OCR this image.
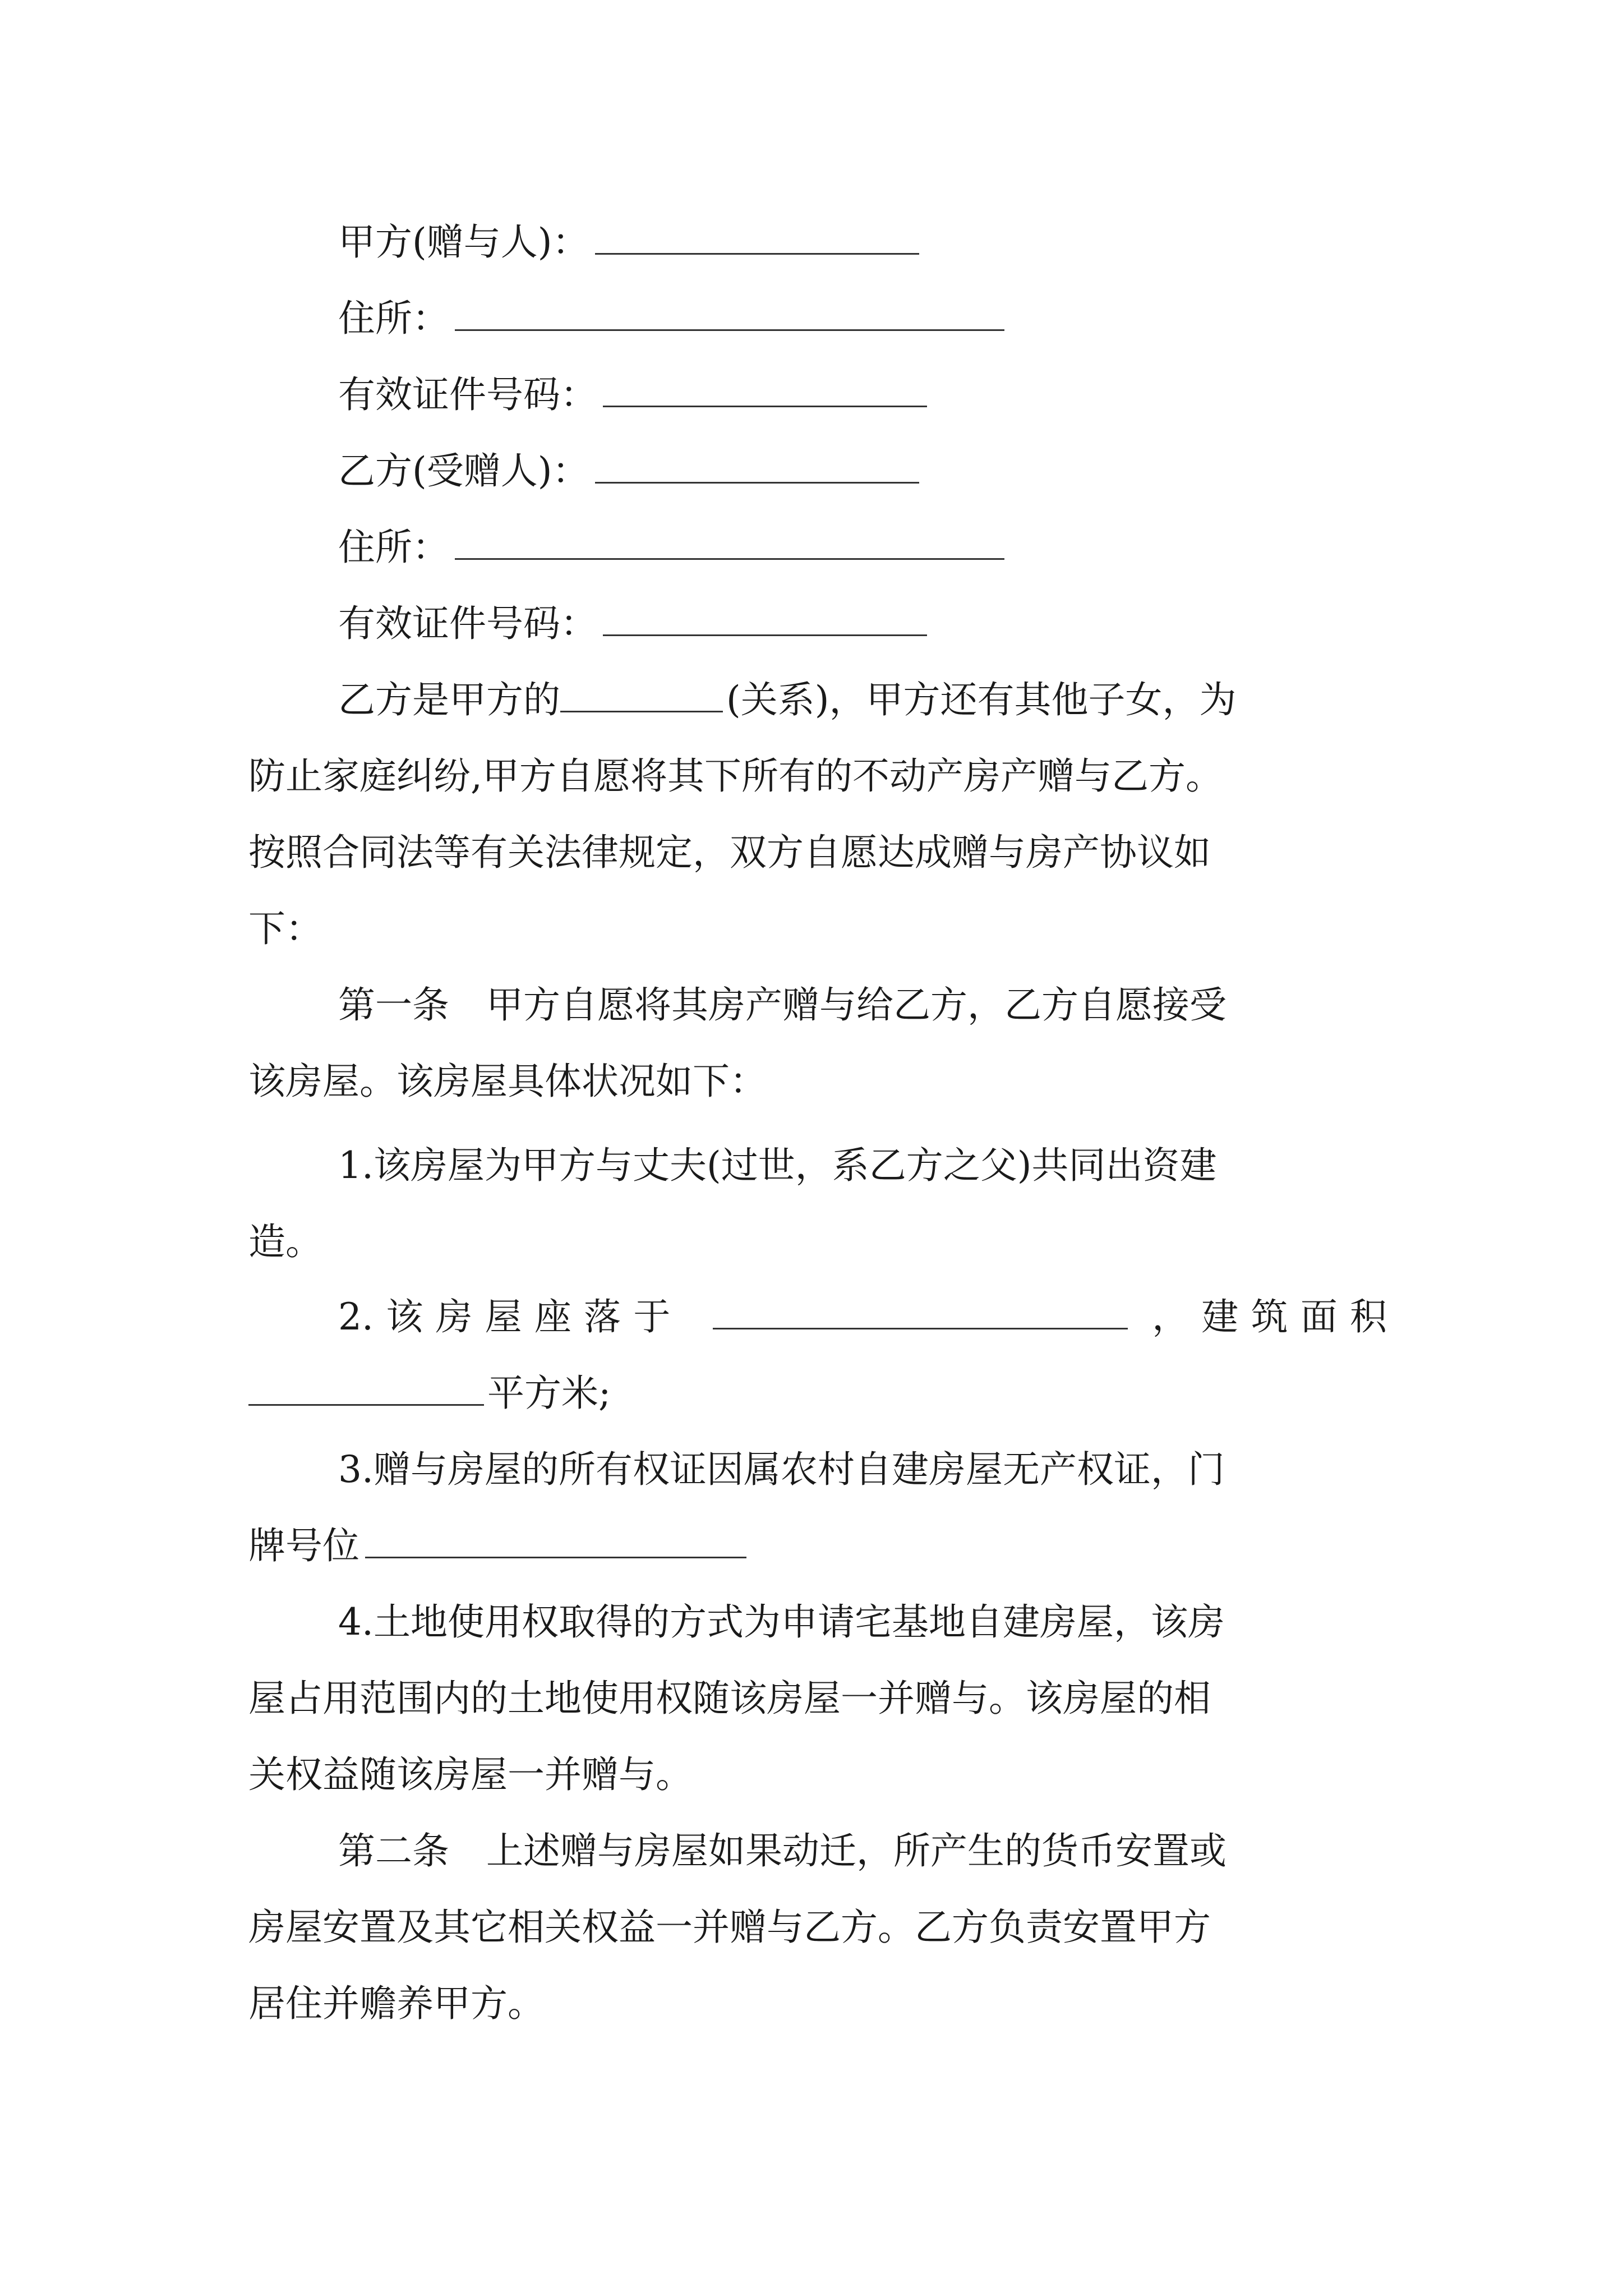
甲方(赠与人)：
住所：
有效证件号码：
乙方(受赠人)：
住所：
有效证件号码：
乙方是甲方的	(关系)，甲方还有其他子女，为
防止家庭纠纷,甲方自愿将其下所有的不动产房产赠与乙方。
按照合同法等有关法律规定，双方自愿达成赠与房产协议如
下：
第一条　甲方自愿将其房产赠与给乙方，乙方自愿接受
该房屋。该房屋具体状况如下：
1.该房屋为甲方与丈夫(过世，系乙方之父)共同出资建
造。
2.该房屋座落于	，建筑面积
平方米;
3.赠与房屋的所有权证因属农村自建房屋无产权证，门
牌号位
4.土地使用权取得的方式为申请宅基地自建房屋，该房
屋占用范围内的土地使用权随该房屋一并赠与。该房屋的相
关权益随该房屋一并赠与。
第二条　上述赠与房屋如果动迁，所产生的货币安置或
房屋安置及其它相关权益一并赠与乙方。乙方负责安置甲方
居住并赡养甲方。
